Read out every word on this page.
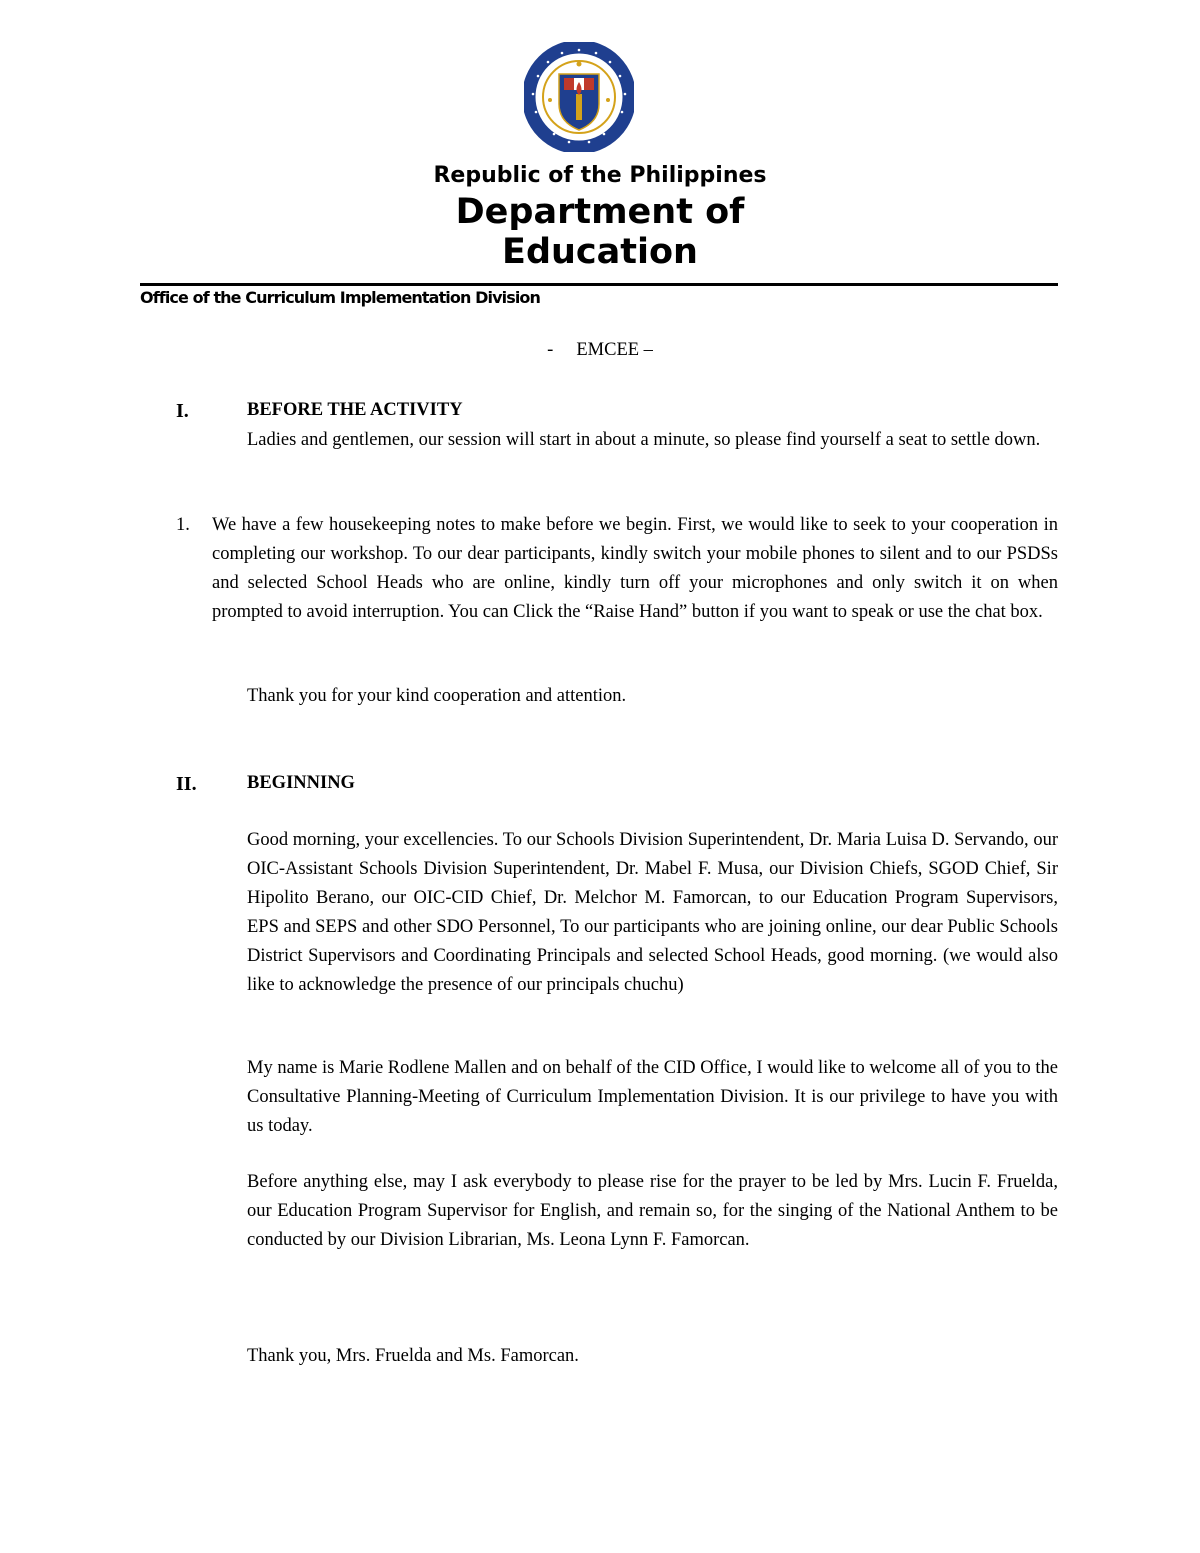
Republic of the Philippines
Department of
Education
Office of the Curriculum Implementation Division
-     EMCEE –
I.	BEFORE THE ACTIVITY

Ladies and gentlemen, our session will start in about a minute, so please find yourself a seat to settle down.

1. We have a few housekeeping notes to make before we begin. First, we would like to seek to your cooperation in completing our workshop. To our dear participants, kindly switch your mobile phones to silent and to our PSDSs and selected School Heads who are online, kindly turn off your microphones and only switch it on when prompted to avoid interruption. You can Click the “Raise Hand” button if you want to speak or use the chat box.

Thank you for your kind cooperation and attention.

II.	BEGINNING

Good morning, your excellencies. To our Schools Division Superintendent, Dr. Maria Luisa D. Servando, our OIC-Assistant Schools Division Superintendent, Dr. Mabel F. Musa, our Division Chiefs, SGOD Chief, Sir Hipolito Berano, our OIC-CID Chief, Dr. Melchor M. Famorcan, to our Education Program Supervisors, EPS and SEPS and other SDO Personnel, To our participants who are joining online, our dear Public Schools District Supervisors and Coordinating Principals and selected School Heads, good morning. (we would also like to acknowledge the presence of our principals chuchu)

My name is Marie Rodlene Mallen and on behalf of the CID Office, I would like to welcome all of you to the Consultative Planning-Meeting of Curriculum Implementation Division. It is our privilege to have you with us today.

Before anything else, may I ask everybody to please rise for the prayer to be led by Mrs. Lucin F. Fruelda, our Education Program Supervisor for English, and remain so, for the singing of the National Anthem to be conducted by our Division Librarian, Ms. Leona Lynn F. Famorcan.

Thank you, Mrs. Fruelda and Ms. Famorcan.
